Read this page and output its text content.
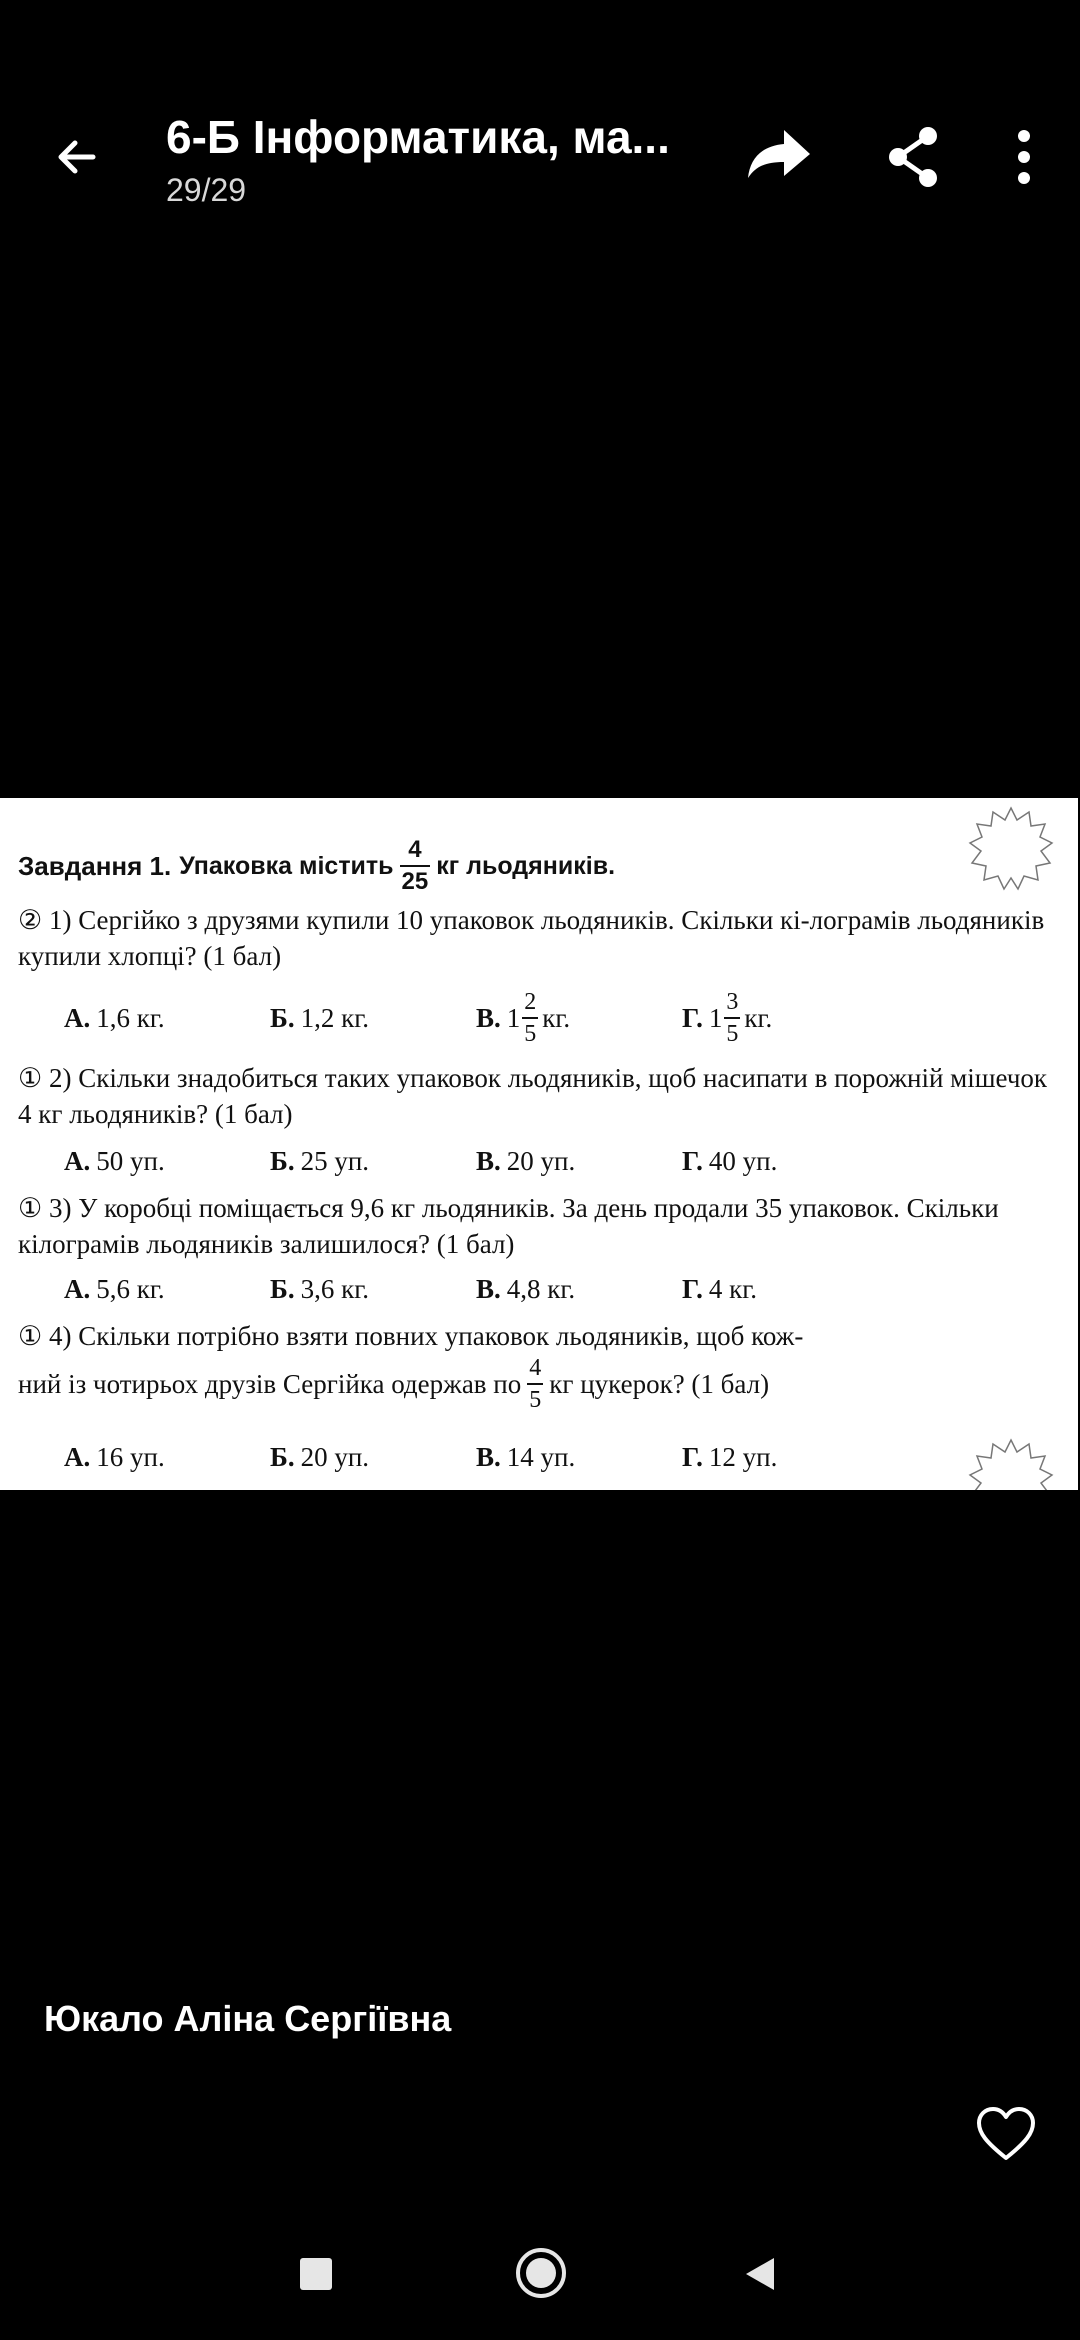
6-Б Інформатика, ма...
29/29
Завдання 1. Упаковка містить $\frac{4}{25}$ кг льодяників.
② 1) Сергійко з друзями купили 10 упаковок льодяників. Скільки кі-лограмів льодяників купили хлопці? (1 бал)
А. 1,6 кг.	Б. 1,2 кг.	В. $1 \frac{2}{5}$ кг.	Г. $1 \frac{3}{5}$ кг.
① 2) Скільки знадобиться таких упаковок льодяників, щоб насипати в порожній мішечок 4 кг льодяників? (1 бал)
А. 50 уп.	Б. 25 уп.	В. 20 уп.	Г. 40 уп.
① 3) У коробці поміщається 9,6 кг льодяників. За день продали 35 упаковок. Скільки кілограмів льодяників залишилося? (1 бал)
А. 5,6 кг.	Б. 3,6 кг.	В. 4,8 кг.	Г. 4 кг.
① 4) Скільки потрібно взяти повних упаковок льодяників, щоб кож-
ний із чотирьох друзів Сергійка одержав по $\frac{4}{5}$ кг цукерок? (1 бал)
А. 16 уп.	Б. 20 уп.	В. 14 уп.	Г. 12 уп.
Юкало Аліна Сергіївна
